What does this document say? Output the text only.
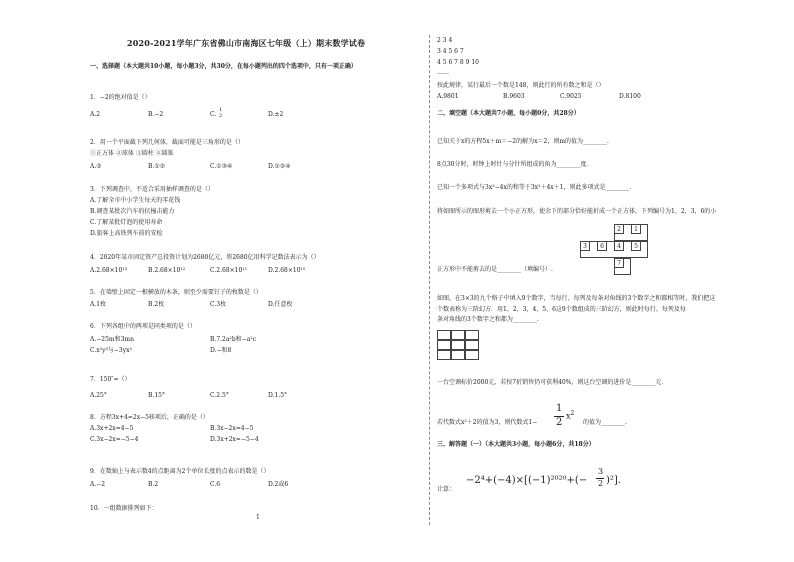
2020-2021学年广东省佛山市南海区七年级（上）期末数学试卷
一、选择题（本大题共10小题，每小题3分，共30分，在每小题列出的四个选项中，只有一项正确）
1．−2的绝对值是（）
A.2	B.−2	C.
1
2	D.±2
2．用一个平面截下列几何体，截面可能是三角形的是（）
①正方体 ②球体 ③圆柱 ④圆锥
A.②	B.①②	C.①③④	D.①②④
3．下列调查中，不适合采用抽样调查的是（）
A.了解全市中小学生每天的零花钱
B.调查某批次汽车的抗撞击能力
C.了解某批灯泡的使用寿命
D.旅客上高铁列车前的安检
4．2020年某市固定资产总投资计划为2680亿元，将2680亿用科学记数法表示为（）
A.2.68×10¹³	B.2.68×10¹²	C.2.68×10¹¹	D.2.68×10¹⁰
5．在墙壁上固定一根横放的木条，则至少需要钉子的枚数是（）
A.1枚	B.2枚	C.3枚	D.任意枚
6．下列各组中的两项是同类项的是（）
A.−25m和3mn	B.7.2a²b和−a²c
C.x²y³与−3yx²	D.−和8
7．150″=（）
A.25°	B.15°	C.2.5°	D.1.5°
8．方程3x+4=2x−5移项后，正确的是（）
A.3x+2x=4−5	B.3x−2x=4−5
C.3x−2x=−5−4	D.3x+2x=−5−4
9．在数轴上与表示数4的点距离为2个单位长度的点表示的数是（）
A.−2	B.2	C.6	D.2或6
10．一组数据排列如下：
1
2 3 4
3 4 5 6 7
4 5 6 7 8 9 10
……
按此规律，某行最后一个数是148，则此行的所有数之和是（）
A.9801	B.9603	C.9025	D.8100
二、填空题（本大题共7小题，每小题0分，共28分）
已知关于x的方程5x＋m＝−2的解为x＝2，则m的值为________.
8点30分时，时钟上时针与分针所组成的角为________度．
已知一个多项式与3x²−4x的和等于3x²＋4x＋1，则此多项式是________.
将如图所示的图形剪去一个小正方形，使余下的部分恰好能折成一个正方体，下列编号为1，2，3，6的小
1
2
3	4	5
6
7
正方形中不能剪去的是________（填编号）.
如图，在3×3的九个格子中填入9个数字，当每行、每列及每条对角线的3个数字之和都相等时，我们把这
个数表称为三阶幻方．用1，2，3，4，5，6这9个数组成的三阶幻方，则此时每行、每列及每
条对角线的3个数字之和都为________.
一台空调标价2000元，若按7折销售仍可获利40%，则这台空调的进价是________元．
若代数式x²＋2的值为3，则代数式1−
1
2
$x^2$
的值为________.
三、解答题（一）（本大题共3小题，每小题6分，共18分）
−2⁴+(−4)×[(−1)²⁰²⁰+(−
3
2 )²].
计算：
